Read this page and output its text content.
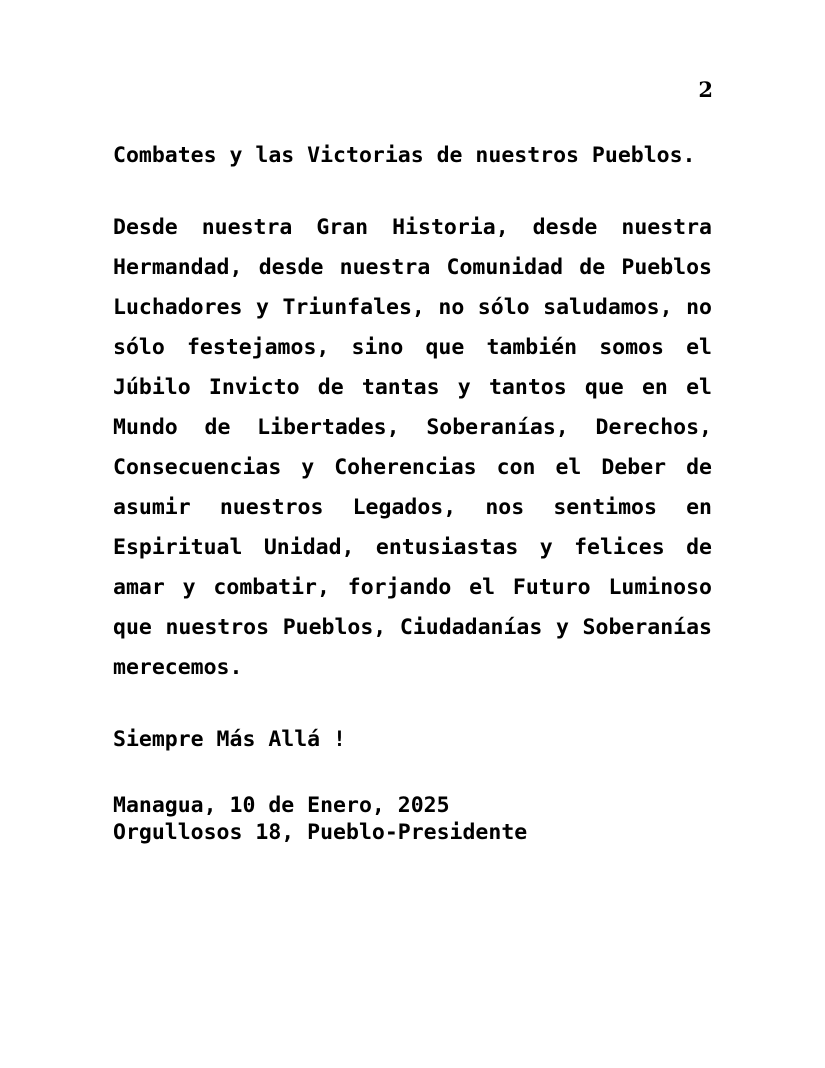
2

Combates y las Victorias de nuestros Pueblos.

Desde nuestra Gran Historia, desde nuestra Hermandad, desde nuestra Comunidad de Pueblos Luchadores y Triunfales, no sólo saludamos, no sólo festejamos, sino que también somos el Júbilo Invicto de tantas y tantos que en el Mundo de Libertades, Soberanías, Derechos, Consecuencias y Coherencias con el Deber de asumir nuestros Legados, nos sentimos en Espiritual Unidad, entusiastas y felices de amar y combatir, forjando el Futuro Luminoso que nuestros Pueblos, Ciudadanías y Soberanías merecemos.

Siempre Más Allá !

Managua, 10 de Enero, 2025
Orgullosos 18, Pueblo-Presidente
